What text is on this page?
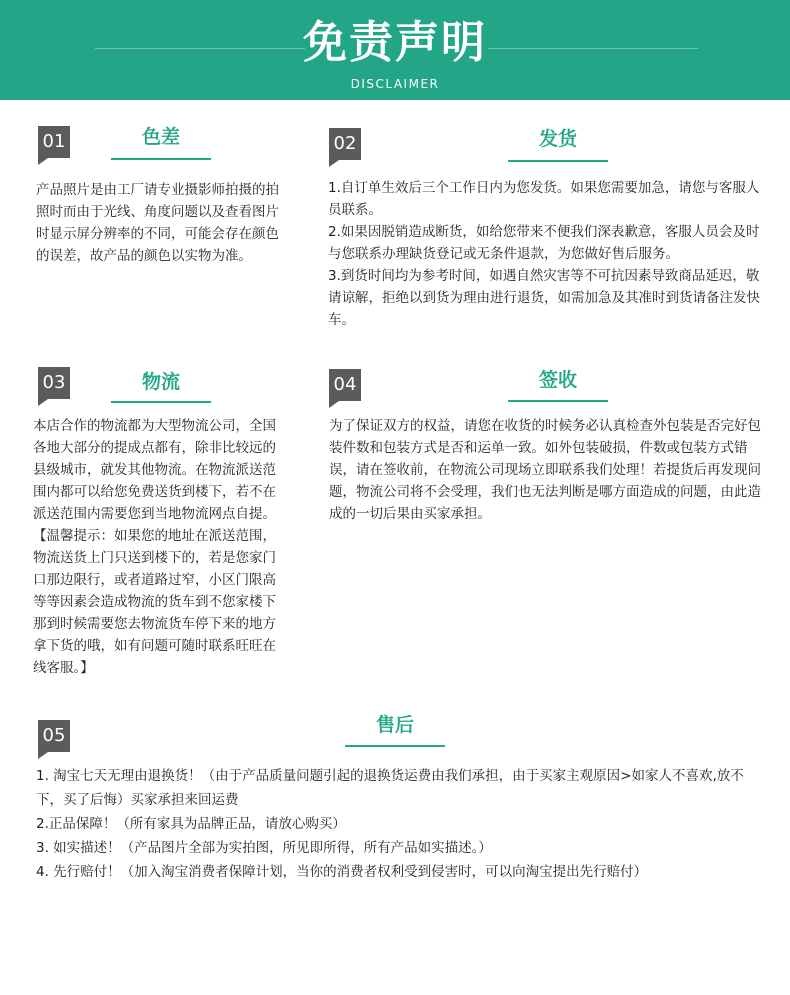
免责声明
DISCLAIMER
01	色差

产品照片是由工厂请专业摄影师拍摄的拍照时而由于光线、角度问题以及查看图片时显示屏分辨率的不同，可能会存在颜色的误差，故产品的颜色以实物为准。

02	发货

1.自订单生效后三个工作日内为您发货。如果您需要加急，请您与客服人员联系。

2.如果因脱销造成断货，如给您带来不便我们深表歉意，客服人员会及时与您联系办理缺货登记或无条件退款，为您做好售后服务。

3.到货时间均为参考时间，如遇自然灾害等不可抗因素导致商品延迟，敬请谅解，拒绝以到货为理由进行退货，如需加急及其准时到货请备注发快车。

03	物流

本店合作的物流都为大型物流公司，全国各地大部分的提成点都有，除非比较远的县级城市，就发其他物流。在物流派送范围内都可以给您免费送货到楼下，若不在派送范围内需要您到当地物流网点自提。【温馨提示：如果您的地址在派送范围，物流送货上门只送到楼下的，若是您家门口那边限行，或者道路过窄，小区门限高等等因素会造成物流的货车到不您家楼下那到时候需要您去物流货车停下来的地方拿下货的哦，如有问题可随时联系旺旺在线客服。】

04	签收

为了保证双方的权益，请您在收货的时候务必认真检查外包装是否完好包装件数和包装方式是否和运单一致。如外包装破损，件数或包装方式错误，请在签收前，在物流公司现场立即联系我们处理！若提货后再发现问题，物流公司将不会受理，我们也无法判断是哪方面造成的问题，由此造成的一切后果由买家承担。

05	售后

1. 淘宝七天无理由退换货！（由于产品质量问题引起的退换货运费由我们承担，由于买家主观原因>如家人不喜欢,放不下，买了后悔）买家承担来回运费

2.正品保障！（所有家具为品牌正品，请放心购买）

3. 如实描述！（产品图片全部为实拍图，所见即所得，所有产品如实描述。）

4. 先行赔付！（加入淘宝消费者保障计划，当你的消费者权利受到侵害时，可以向淘宝提出先行赔付）
